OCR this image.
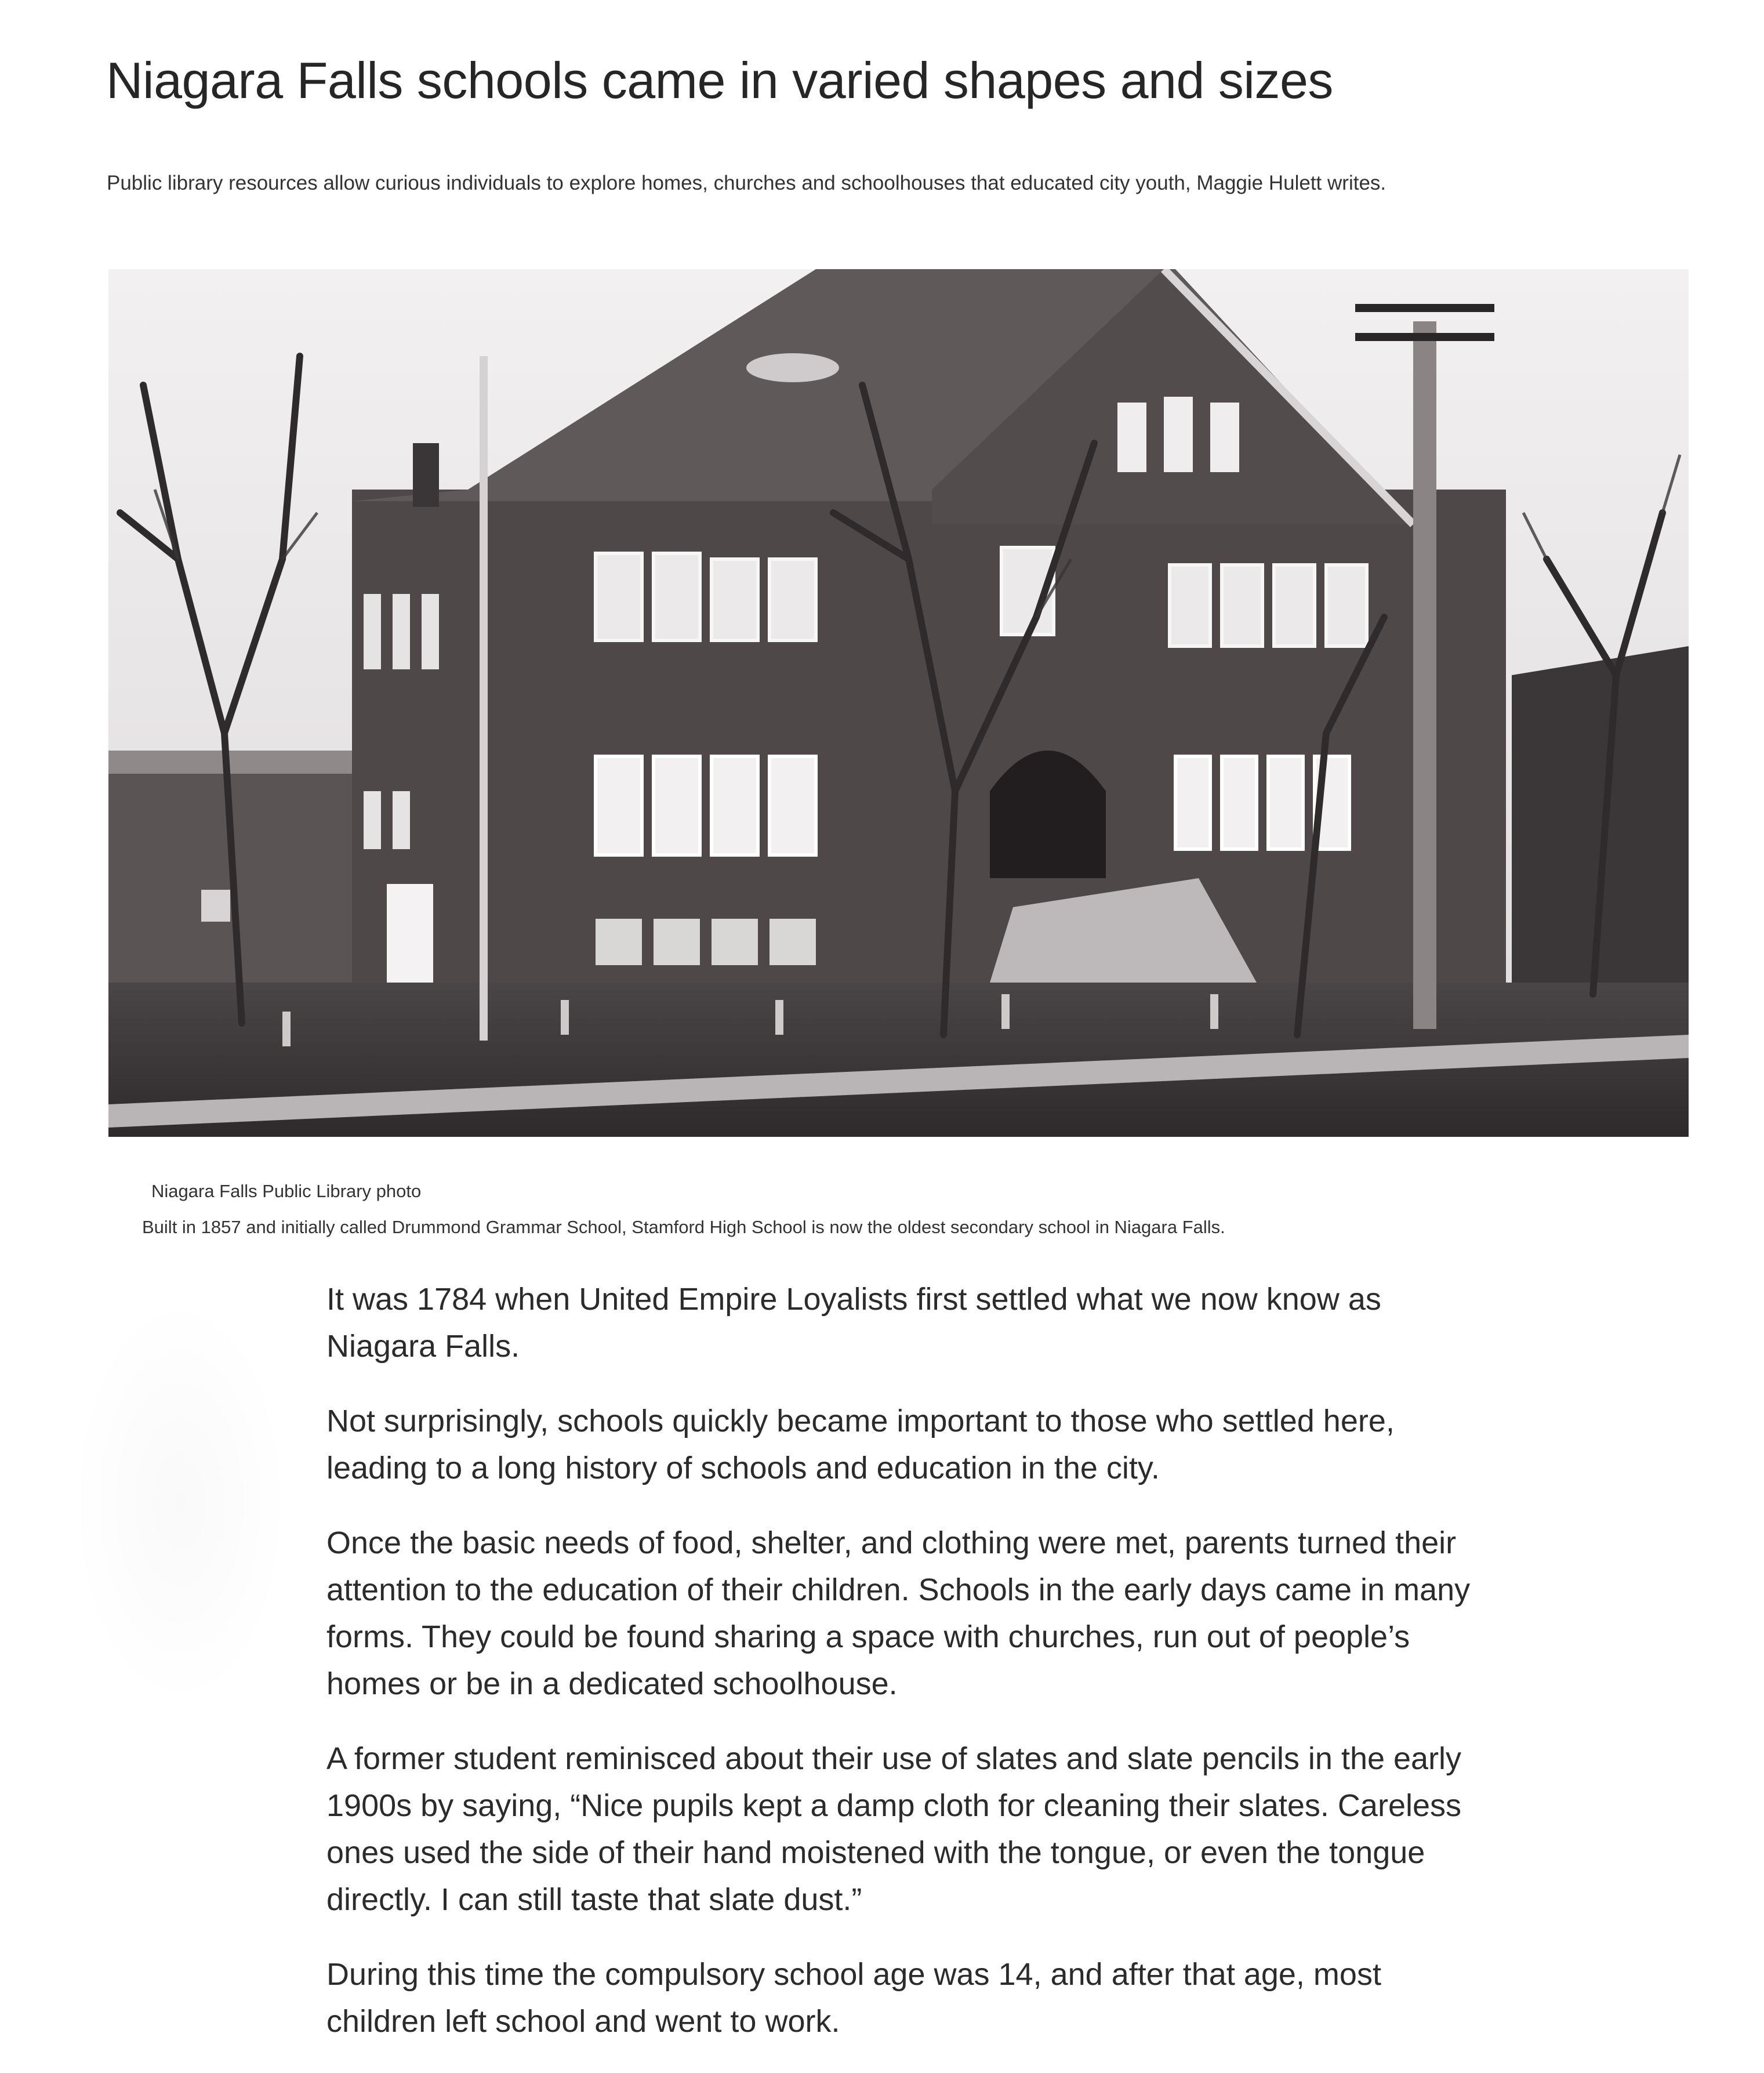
Niagara Falls schools came in varied shapes and sizes

Public library resources allow curious individuals to explore homes, churches and schoolhouses that educated city youth, Maggie Hulett writes.

Niagara Falls Public Library photo

Built in 1857 and initially called Drummond Grammar School, Stamford High School is now the oldest secondary school in Niagara Falls.

It was 1784 when United Empire Loyalists first settled what we now know as Niagara Falls.

Not surprisingly, schools quickly became important to those who settled here, leading to a long history of schools and education in the city.

Once the basic needs of food, shelter, and clothing were met, parents turned their attention to the education of their children. Schools in the early days came in many forms. They could be found sharing a space with churches, run out of people’s homes or be in a dedicated schoolhouse.

A former student reminisced about their use of slates and slate pencils in the early 1900s by saying, “Nice pupils kept a damp cloth for cleaning their slates. Careless ones used the side of their hand moistened with the tongue, or even the tongue directly. I can still taste that slate dust.”

During this time the compulsory school age was 14, and after that age, most children left school and went to work.
